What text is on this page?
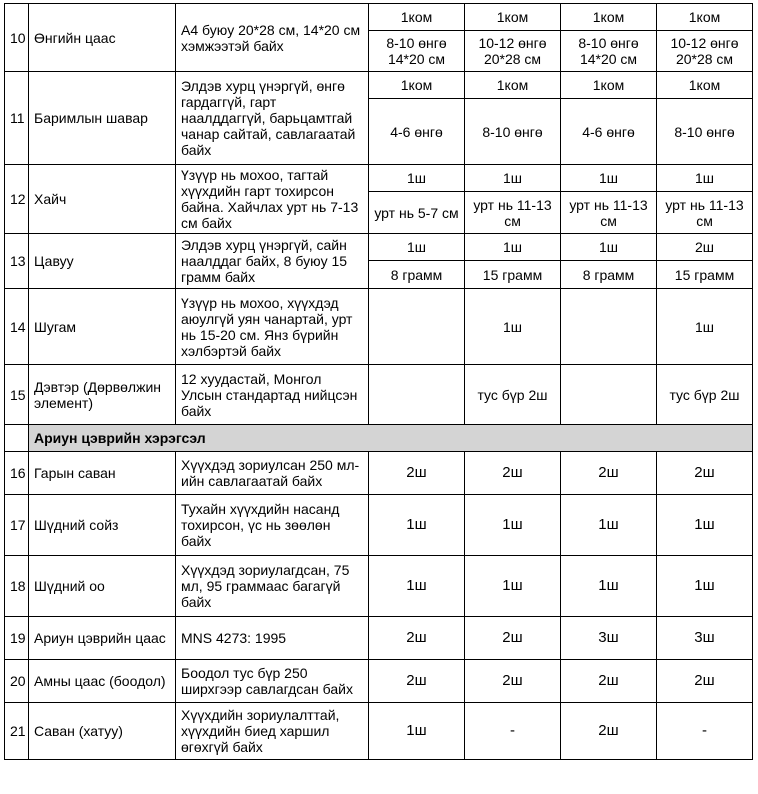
10	Өнгийн цаас	А4 буюу 20*28 см, 14*20 см хэмжээтэй байх	1ком	1ком	1ком	1ком
			8-10 өнгө 14*20 см	10-12 өнгө 20*28 см	8-10 өнгө 14*20 см	10-12 өнгө 20*28 см
11	Баримлын шавар	Элдэв хурц үнэргүй, өнгө гардаггүй, гарт наалддаггүй, барьцамтгай чанар сайтай, савлагаатай байх	1ком	1ком	1ком	1ком
			4-6 өнгө	8-10 өнгө	4-6 өнгө	8-10 өнгө
12	Хайч	Үзүүр нь мохоо, тагтай хүүхдийн гарт тохирсон байна. Хайчлах урт нь 7-13 см байх	1ш	1ш	1ш	1ш
			урт нь 5-7 см	урт нь 11-13 см	урт нь 11-13 см	урт нь 11-13 см
13	Цавуу	Элдэв хурц үнэргүй, сайн наалддаг байх, 8 буюу 15 грамм байх	1ш	1ш	1ш	2ш
			8 грамм	15 грамм	8 грамм	15 грамм
14	Шугам	Үзүүр нь мохоо, хүүхдэд аюулгүй уян чанартай, урт нь 15-20 см. Янз бүрийн хэлбэртэй байх		1ш		1ш
15	Дэвтэр (Дөрвөлжин элемент)	12 хуудастай, Монгол Улсын стандартад нийцсэн байх		тус бүр 2ш		тус бүр 2ш
	Ариун цэврийн хэрэгсэл					
16	Гарын саван	Хүүхдэд зориулсан 250 мл-ийн савлагаатай байх	2ш	2ш	2ш	2ш
17	Шүдний сойз	Тухайн хүүхдийн насанд тохирсон, үс нь зөөлөн байх	1ш	1ш	1ш	1ш
18	Шүдний оо	Хүүхдэд зориулагдсан, 75 мл, 95 граммаас багагүй байх	1ш	1ш	1ш	1ш
19	Ариун цэврийн цаас	MNS 4273: 1995	2ш	2ш	3ш	3ш
20	Амны цаас (боодол)	Боодол тус бүр 250 ширхгээр савлагдсан байх	2ш	2ш	2ш	2ш
21	Саван (хатуу)	Хүүхдийн зориулалттай, хүүхдийн биед харшил өгөхгүй байх	1ш	-	2ш	-
